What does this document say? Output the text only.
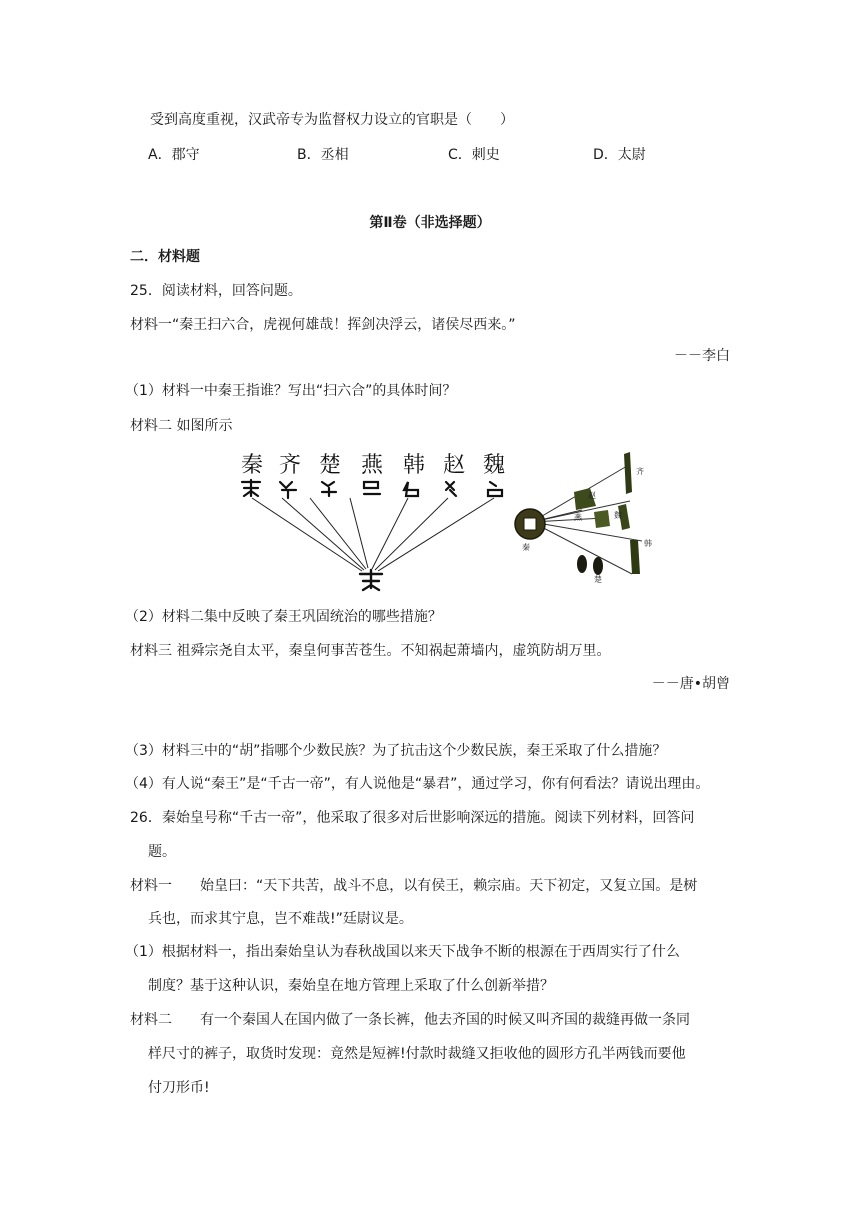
受到高度重视，汉武帝专为监督权力设立的官职是（　　）
A．郡守	B．丞相	C．刺史	D．太尉
第Ⅱ卷（非选择题）
二．材料题
25．阅读材料，回答问题。
材料一“秦王扫六合，虎视何雄哉！挥剑决浮云，诸侯尽西来。”
－－李白
（1）材料一中秦王指谁？写出“扫六合”的具体时间？
材料二 如图所示
秦 齐 楚 燕 韩 赵 魏	齐
赵
魏
韩
燕
楚
秦
（2）材料二集中反映了秦王巩固统治的哪些措施？
材料三 祖舜宗尧自太平，秦皇何事苦苍生。不知祸起萧墙内，虚筑防胡万里。
－－唐•胡曾
（3）材料三中的“胡”指哪个少数民族？为了抗击这个少数民族，秦王采取了什么措施？
（4）有人说“秦王”是“千古一帝”，有人说他是“暴君”，通过学习，你有何看法？请说出理由。
26．秦始皇号称“千古一帝”，他采取了很多对后世影响深远的措施。阅读下列材料，回答问
题。
材料一　　始皇曰：“天下共苦，战斗不息，以有侯王，赖宗庙。天下初定，又复立国。是树
兵也，而求其宁息，岂不难哉!”廷尉议是。
（1）根据材料一，指出秦始皇认为春秋战国以来天下战争不断的根源在于西周实行了什么
制度？基于这种认识，秦始皇在地方管理上采取了什么创新举措？
材料二　　有一个秦国人在国内做了一条长裤，他去齐国的时候又叫齐国的裁缝再做一条同
样尺寸的裤子，取货时发现：竟然是短裤!付款时裁缝又拒收他的圆形方孔半两钱而要他
付刀形币!
